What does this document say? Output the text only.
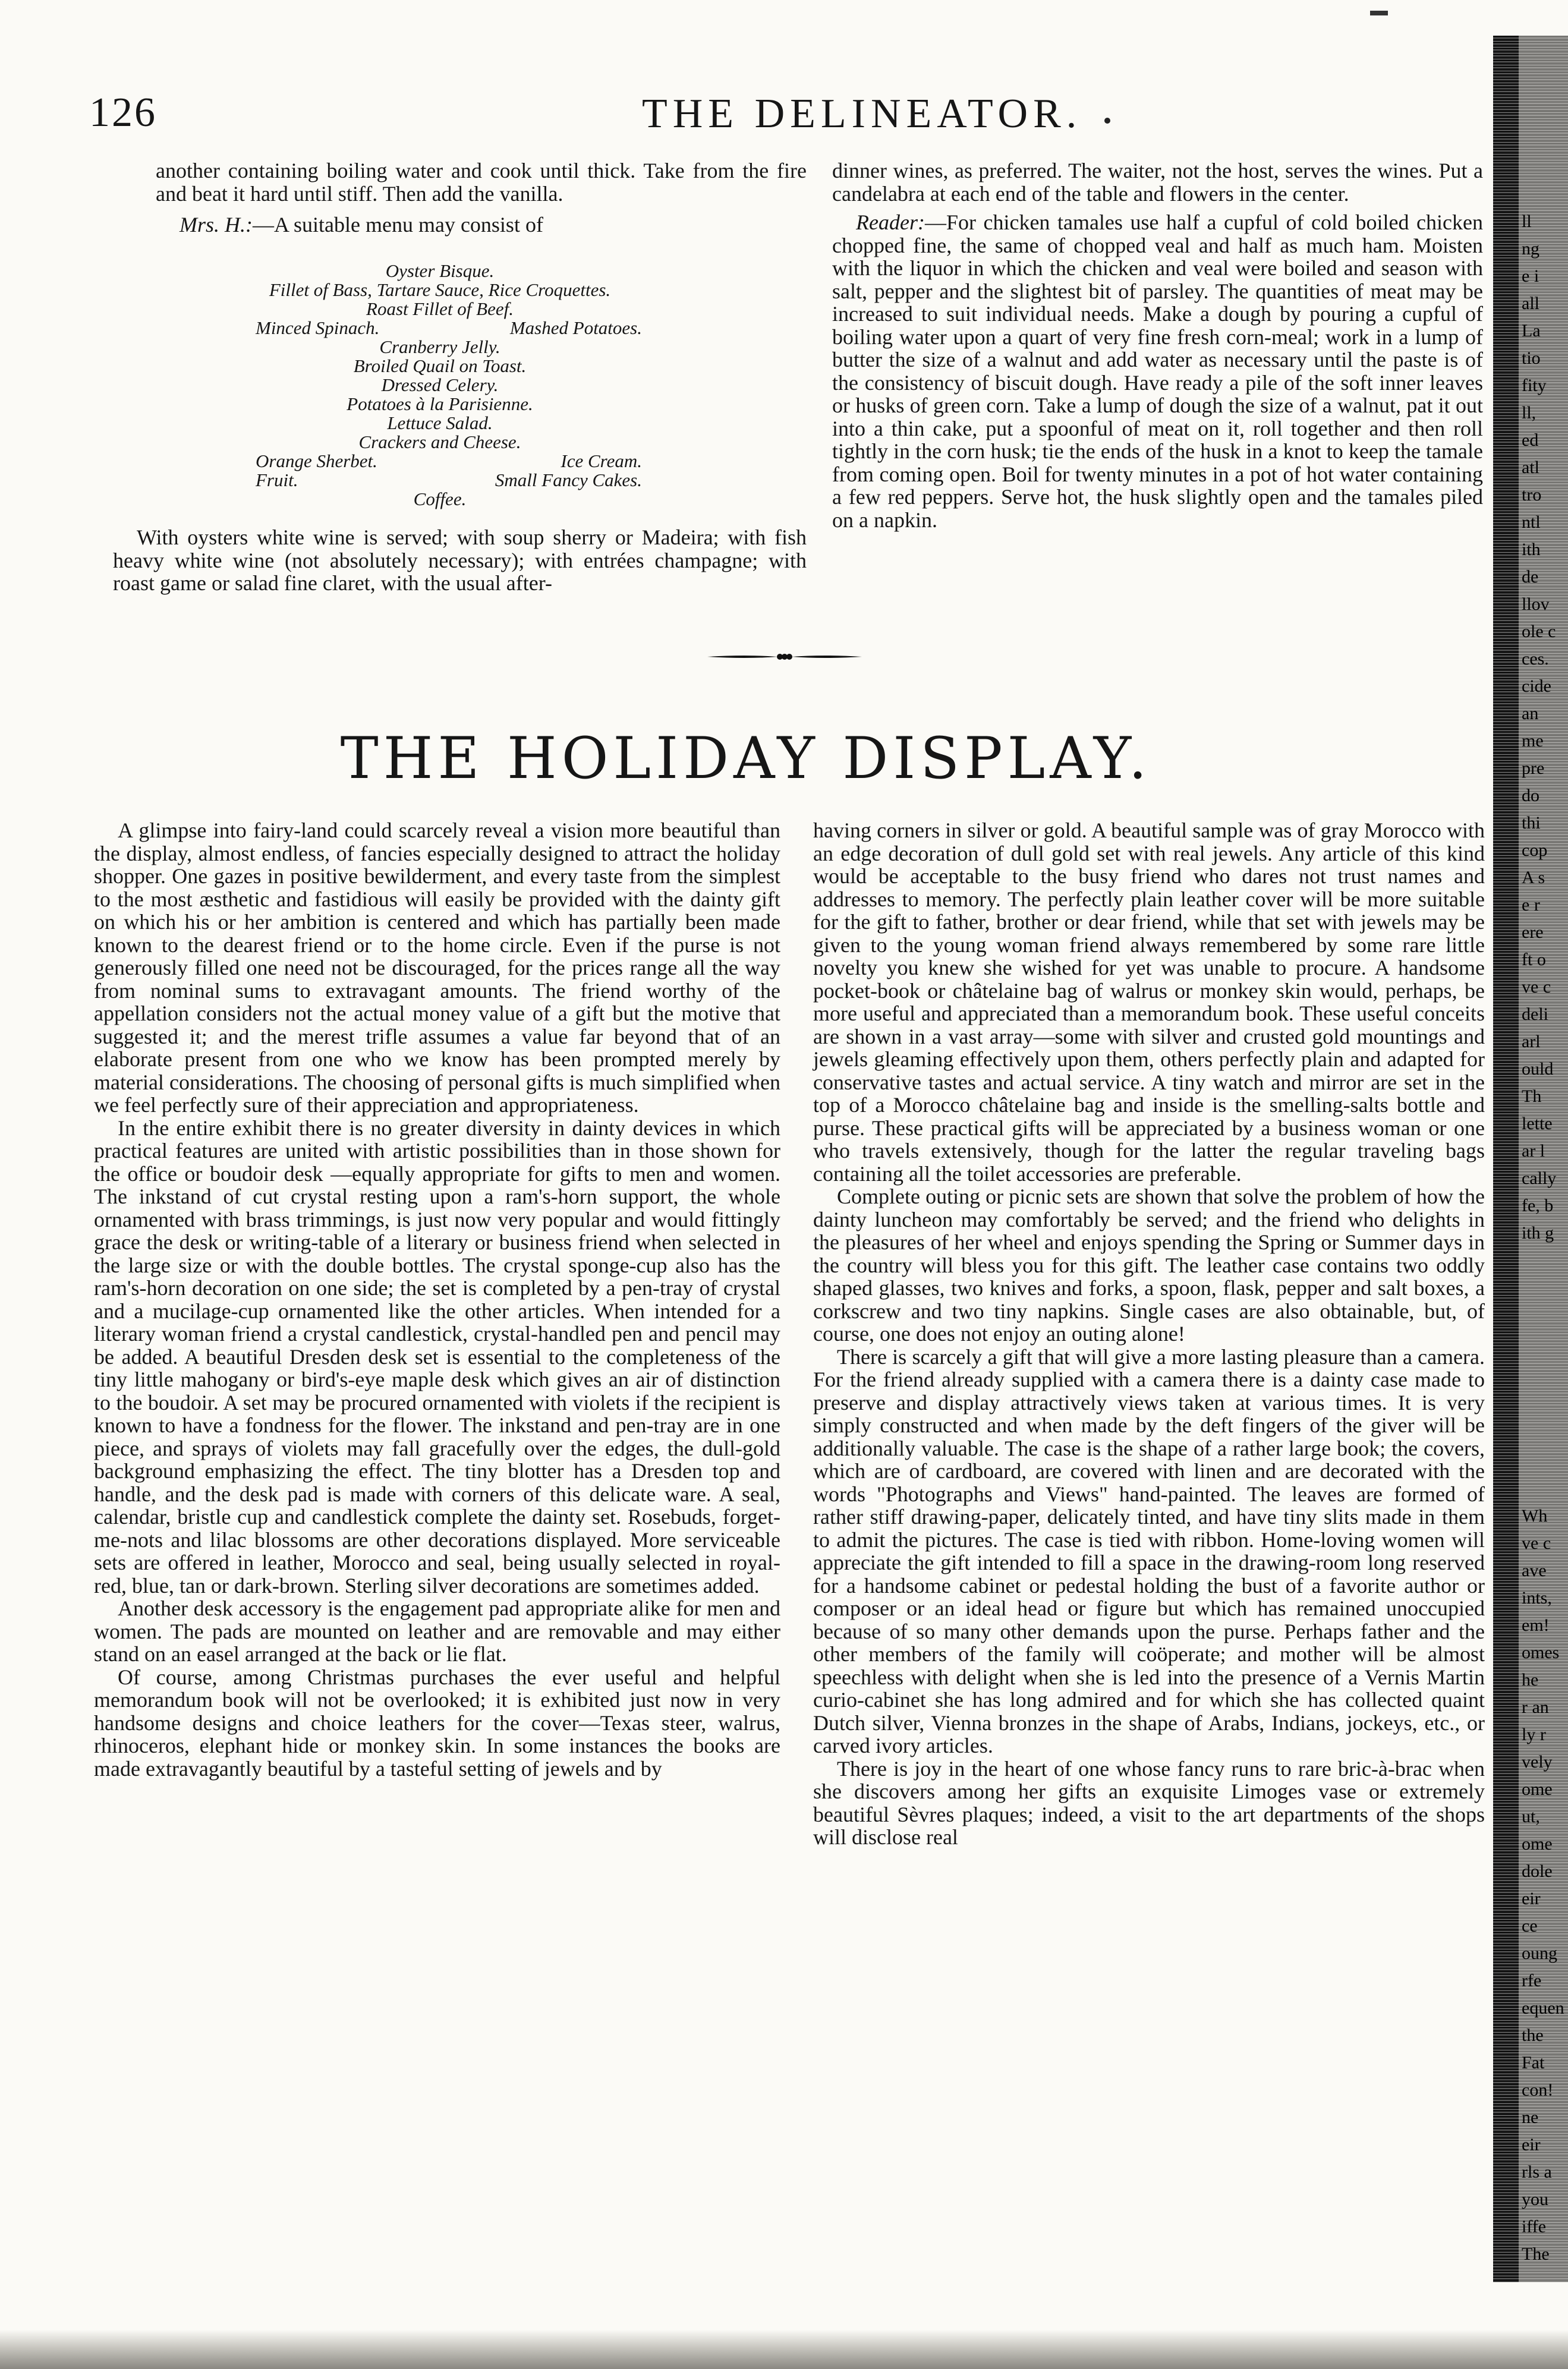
126	THE DELINEATOR.

another containing boiling water and cook until thick. Take from the fire and beat it hard until stiff. Then add the vanilla.

Mrs. H.:—A suitable menu may consist of

Oyster Bisque.
Fillet of Bass, Tartare Sauce, Rice Croquettes.
Roast Fillet of Beef.
Minced Spinach.	Mashed Potatoes.
Cranberry Jelly.
Broiled Quail on Toast.
Dressed Celery.
Potatoes à la Parisienne.
Lettuce Salad.
Crackers and Cheese.
Orange Sherbet.	Ice Cream.
Fruit.	Small Fancy Cakes.
Coffee.

With oysters white wine is served; with soup sherry or Madeira; with fish heavy white wine (not absolutely necessary); with entrées champagne; with roast game or salad fine claret, with the usual after-

dinner wines, as preferred. The waiter, not the host, serves the wines. Put a candelabra at each end of the table and flowers in the center.

Reader:—For chicken tamales use half a cupful of cold boiled chicken chopped fine, the same of chopped veal and half as much ham. Moisten with the liquor in which the chicken and veal were boiled and season with salt, pepper and the slightest bit of parsley. The quantities of meat may be increased to suit individual needs. Make a dough by pouring a cupful of boiling water upon a quart of very fine fresh corn-meal; work in a lump of butter the size of a walnut and add water as necessary until the paste is of the consistency of biscuit dough. Have ready a pile of the soft inner leaves or husks of green corn. Take a lump of dough the size of a walnut, pat it out into a thin cake, put a spoonful of meat on it, roll together and then roll tightly in the corn husk; tie the ends of the husk in a knot to keep the tamale from coming open. Boil for twenty minutes in a pot of hot water containing a few red peppers. Serve hot, the husk slightly open and the tamales piled on a napkin.

THE HOLIDAY DISPLAY.

A glimpse into fairy-land could scarcely reveal a vision more beautiful than the display, almost endless, of fancies especially designed to attract the holiday shopper. One gazes in positive bewilderment, and every taste from the simplest to the most æsthetic and fastidious will easily be provided with the dainty gift on which his or her ambition is centered and which has partially been made known to the dearest friend or to the home circle. Even if the purse is not generously filled one need not be discouraged, for the prices range all the way from nominal sums to extravagant amounts. The friend worthy of the appellation considers not the actual money value of a gift but the motive that suggested it; and the merest trifle assumes a value far beyond that of an elaborate present from one who we know has been prompted merely by material considerations. The choosing of personal gifts is much simplified when we feel perfectly sure of their appreciation and appropriateness.

In the entire exhibit there is no greater diversity in dainty devices in which practical features are united with artistic possibilities than in those shown for the office or boudoir desk —equally appropriate for gifts to men and women. The inkstand of cut crystal resting upon a ram's-horn support, the whole ornamented with brass trimmings, is just now very popular and would fittingly grace the desk or writing-table of a literary or business friend when selected in the large size or with the double bottles. The crystal sponge-cup also has the ram's-horn decoration on one side; the set is completed by a pen-tray of crystal and a mucilage-cup ornamented like the other articles. When intended for a literary woman friend a crystal candlestick, crystal-handled pen and pencil may be added. A beautiful Dresden desk set is essential to the completeness of the tiny little mahogany or bird's-eye maple desk which gives an air of distinction to the boudoir. A set may be procured ornamented with violets if the recipient is known to have a fondness for the flower. The inkstand and pen-tray are in one piece, and sprays of violets may fall gracefully over the edges, the dull-gold background emphasizing the effect. The tiny blotter has a Dresden top and handle, and the desk pad is made with corners of this delicate ware. A seal, calendar, bristle cup and candlestick complete the dainty set. Rosebuds, forget-me-nots and lilac blossoms are other decorations displayed. More serviceable sets are offered in leather, Morocco and seal, being usually selected in royal-red, blue, tan or dark-brown. Sterling silver decorations are sometimes added.

Another desk accessory is the engagement pad appropriate alike for men and women. The pads are mounted on leather and are removable and may either stand on an easel arranged at the back or lie flat.

Of course, among Christmas purchases the ever useful and helpful memorandum book will not be overlooked; it is exhibited just now in very handsome designs and choice leathers for the cover—Texas steer, walrus, rhinoceros, elephant hide or monkey skin. In some instances the books are made extravagantly beautiful by a tasteful setting of jewels and by

having corners in silver or gold. A beautiful sample was of gray Morocco with an edge decoration of dull gold set with real jewels. Any article of this kind would be acceptable to the busy friend who dares not trust names and addresses to memory. The perfectly plain leather cover will be more suitable for the gift to father, brother or dear friend, while that set with jewels may be given to the young woman friend always remembered by some rare little novelty you knew she wished for yet was unable to procure. A handsome pocket-book or châtelaine bag of walrus or monkey skin would, perhaps, be more useful and appreciated than a memorandum book. These useful conceits are shown in a vast array—some with silver and crusted gold mountings and jewels gleaming effectively upon them, others perfectly plain and adapted for conservative tastes and actual service. A tiny watch and mirror are set in the top of a Morocco châtelaine bag and inside is the smelling-salts bottle and purse. These practical gifts will be appreciated by a business woman or one who travels extensively, though for the latter the regular traveling bags containing all the toilet accessories are preferable.

Complete outing or picnic sets are shown that solve the problem of how the dainty luncheon may comfortably be served; and the friend who delights in the pleasures of her wheel and enjoys spending the Spring or Summer days in the country will bless you for this gift. The leather case contains two oddly shaped glasses, two knives and forks, a spoon, flask, pepper and salt boxes, a corkscrew and two tiny napkins. Single cases are also obtainable, but, of course, one does not enjoy an outing alone!

There is scarcely a gift that will give a more lasting pleasure than a camera. For the friend already supplied with a camera there is a dainty case made to preserve and display attractively views taken at various times. It is very simply constructed and when made by the deft fingers of the giver will be additionally valuable. The case is the shape of a rather large book; the covers, which are of cardboard, are covered with linen and are decorated with the words "Photographs and Views" hand-painted. The leaves are formed of rather stiff drawing-paper, delicately tinted, and have tiny slits made in them to admit the pictures. The case is tied with ribbon. Home-loving women will appreciate the gift intended to fill a space in the drawing-room long reserved for a handsome cabinet or pedestal holding the bust of a favorite author or composer or an ideal head or figure but which has remained unoccupied because of so many other demands upon the purse. Perhaps father and the other members of the family will coöperate; and mother will be almost speechless with delight when she is led into the presence of a Vernis Martin curio-cabinet she has long admired and for which she has collected quaint Dutch silver, Vienna bronzes in the shape of Arabs, Indians, jockeys, etc., or carved ivory articles.

There is joy in the heart of one whose fancy runs to rare bric-à-brac when she discovers among her gifts an exquisite Limoges vase or extremely beautiful Sèvres plaques; indeed, a visit to the art departments of the shops will disclose real

ll
ng
e i
all
La
tio
fity
ll,
ed
atl
tro
ntl
ith
de
llov
ole c
ces.
cide
an
me
pre
do
thi
cop
A s
e r
ere
ft o
ve c
deli
arl
ould
Th
lette
ar l
cally
fe, b
ith g
Wh
ve c
ave
ints,
em!
omes
he
r an
ly r
vely
ome
ut,
ome
dole
eir
ce
oung
rfe
equen
the
Fat
con!
ne
eir
rls a
you
iffe
The
